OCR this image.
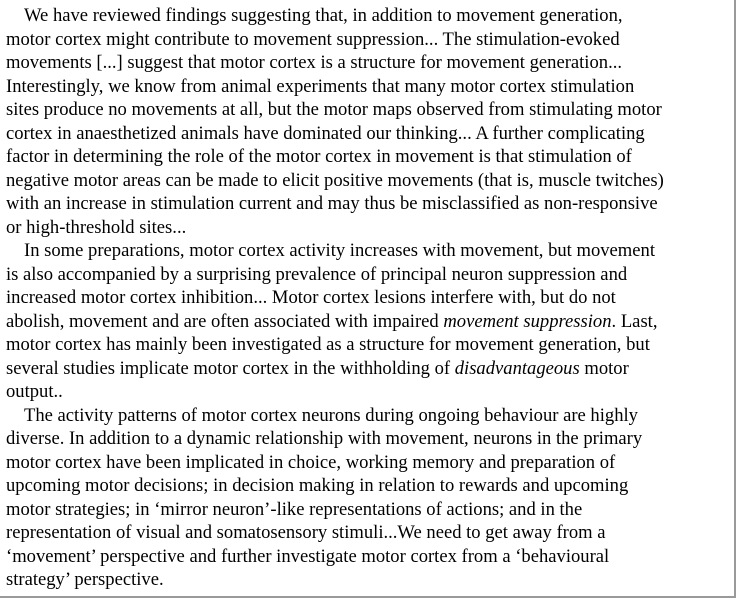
We have reviewed findings suggesting that, in addition to movement generation,
motor cortex might contribute to movement suppression... The stimulation-evoked
movements [...] suggest that motor cortex is a structure for movement generation...
Interestingly, we know from animal experiments that many motor cortex stimulation
sites produce no movements at all, but the motor maps observed from stimulating motor
cortex in anaesthetized animals have dominated our thinking... A further complicating
factor in determining the role of the motor cortex in movement is that stimulation of
negative motor areas can be made to elicit positive movements (that is, muscle twitches)
with an increase in stimulation current and may thus be misclassified as non-responsive
or high-threshold sites...
In some preparations, motor cortex activity increases with movement, but movement
is also accompanied by a surprising prevalence of principal neuron suppression and
increased motor cortex inhibition... Motor cortex lesions interfere with, but do not
abolish, movement and are often associated with impaired movement suppression. Last,
motor cortex has mainly been investigated as a structure for movement generation, but
several studies implicate motor cortex in the withholding of disadvantageous motor
output..
The activity patterns of motor cortex neurons during ongoing behaviour are highly
diverse. In addition to a dynamic relationship with movement, neurons in the primary
motor cortex have been implicated in choice, working memory and preparation of
upcoming motor decisions; in decision making in relation to rewards and upcoming
motor strategies; in ‘mirror neuron’-like representations of actions; and in the
representation of visual and somatosensory stimuli...We need to get away from a
‘movement’ perspective and further investigate motor cortex from a ‘behavioural
strategy’ perspective.
